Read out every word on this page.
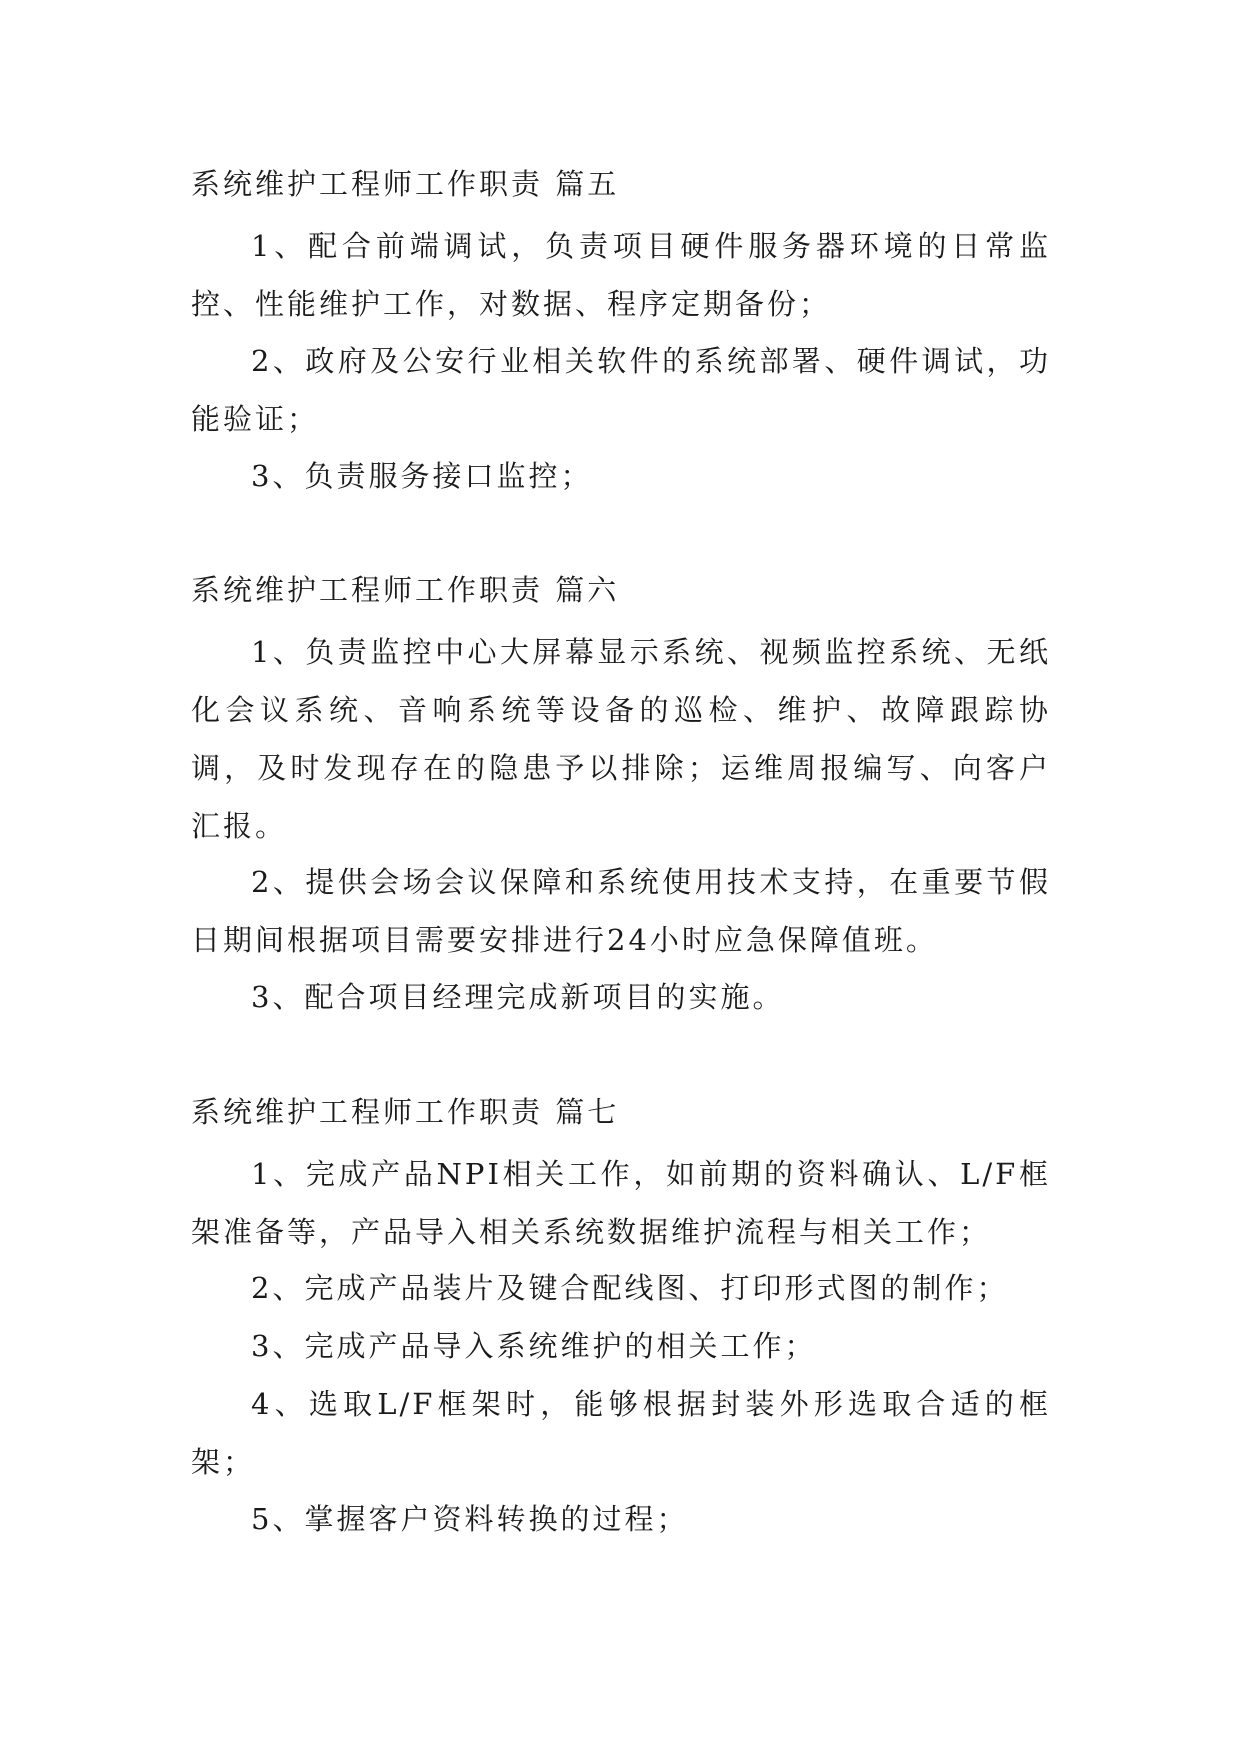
系统维护工程师工作职责 篇五

1、配合前端调试，负责项目硬件服务器环境的日常监控、性能维护工作，对数据、程序定期备份；

2、政府及公安行业相关软件的系统部署、硬件调试，功能验证；

3、负责服务接口监控；

系统维护工程师工作职责 篇六

1、负责监控中心大屏幕显示系统、视频监控系统、无纸化会议系统、音响系统等设备的巡检、维护、故障跟踪协调，及时发现存在的隐患予以排除；运维周报编写、向客户汇报。

2、提供会场会议保障和系统使用技术支持，在重要节假日期间根据项目需要安排进行24小时应急保障值班。

3、配合项目经理完成新项目的实施。

系统维护工程师工作职责 篇七

1、完成产品NPI相关工作，如前期的资料确认、L/F框架准备等，产品导入相关系统数据维护流程与相关工作；

2、完成产品装片及键合配线图、打印形式图的制作；

3、完成产品导入系统维护的相关工作；

4、选取L/F框架时，能够根据封装外形选取合适的框架；

5、掌握客户资料转换的过程；
